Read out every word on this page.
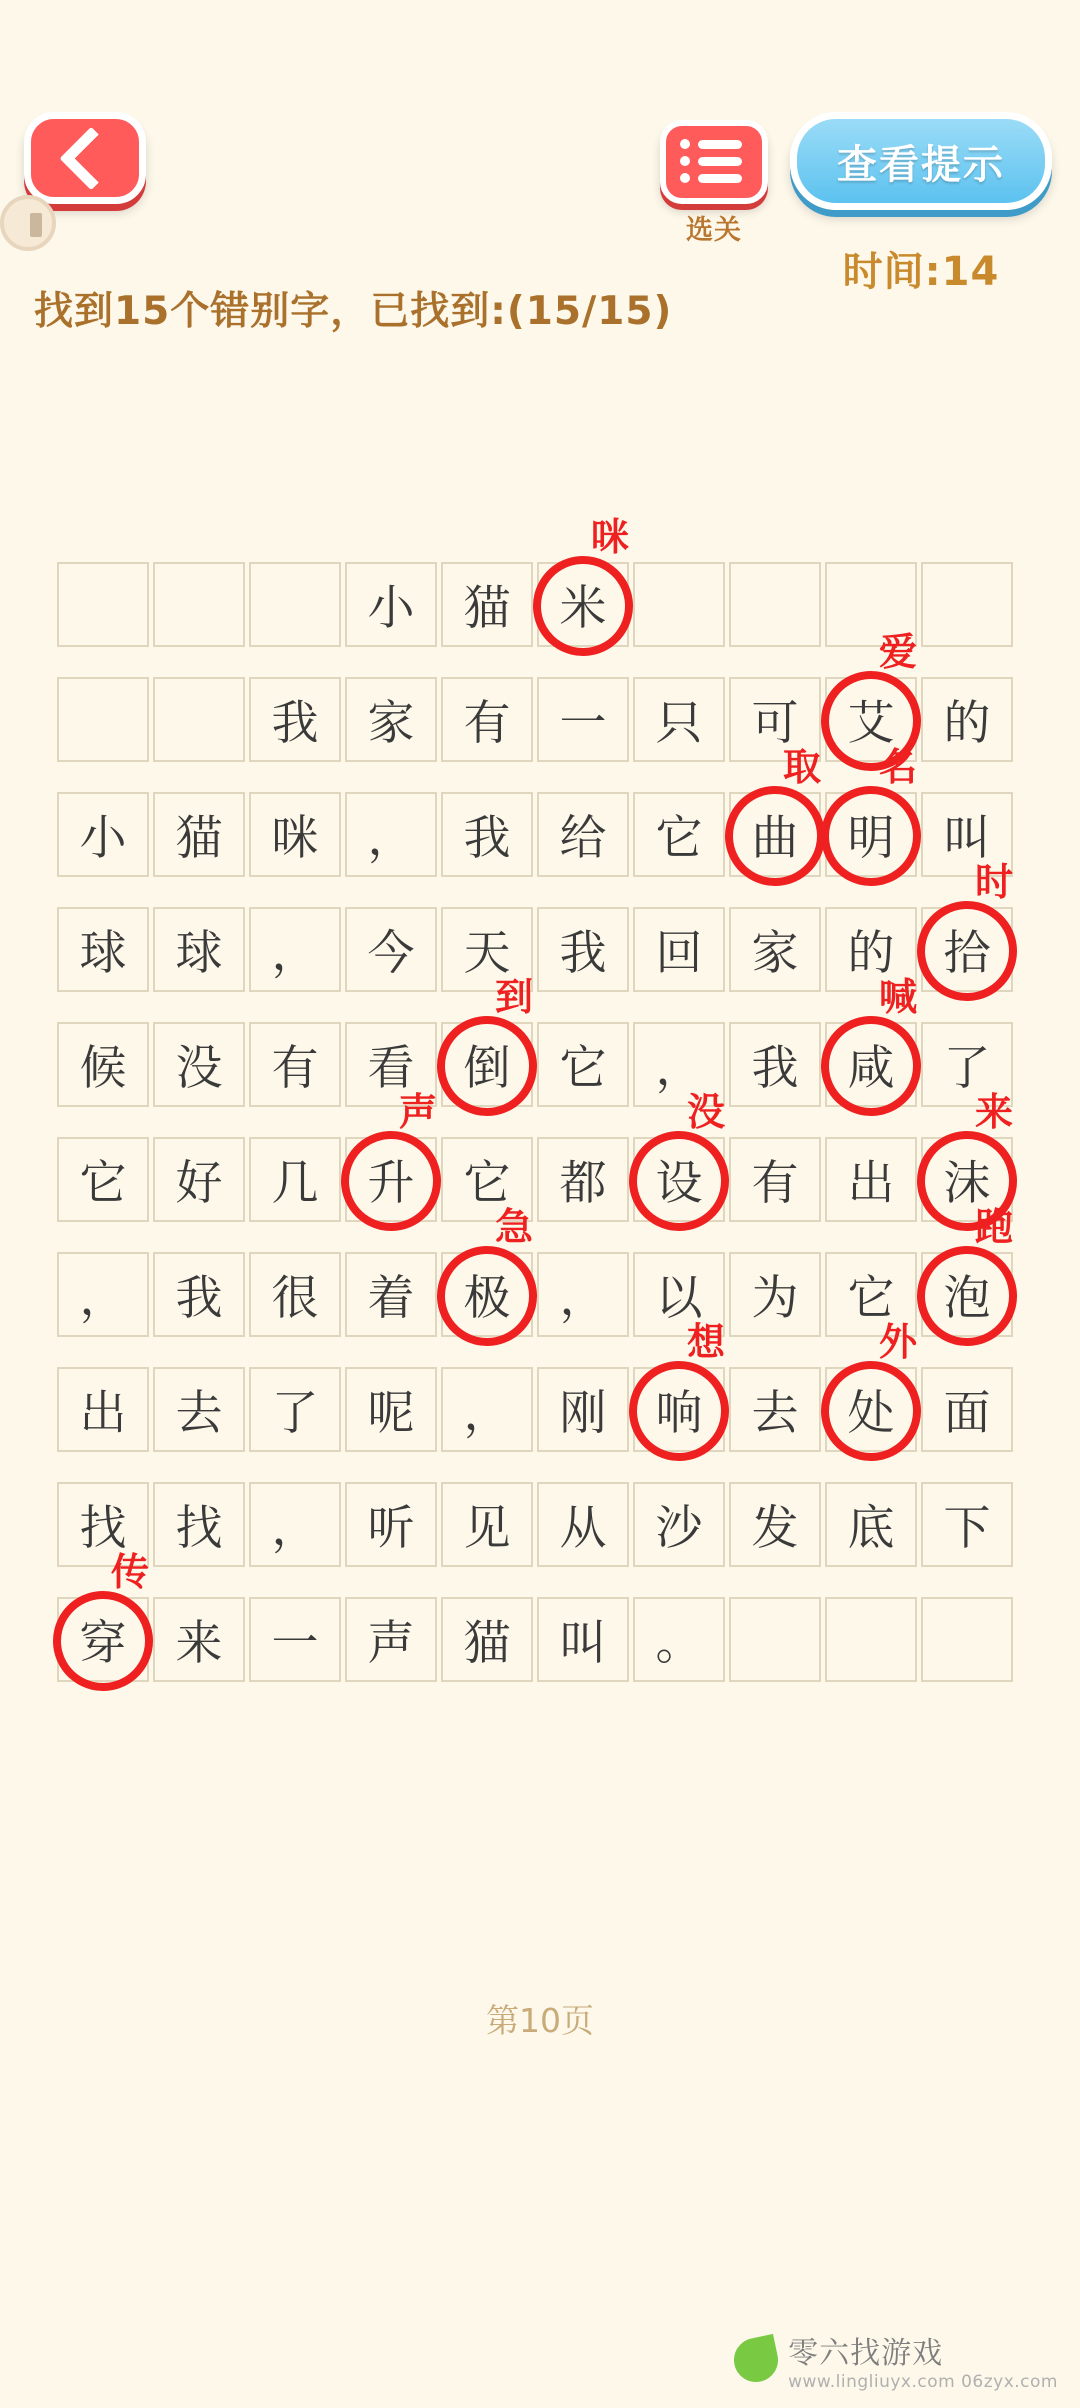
选关
查看提示
时间:14
找到15个错别字，已找到:(15/15)
小 猫 米
咪
我 家 有 一 只 可 艾
爱
的
小 猫 咪 ， 我 给 它 曲
取
明
名
叫
球 球 ， 今 天 我 回 家 的 拾
时
候 没 有 看 倒
到
它 ， 我 咸
喊
了
它 好 几 升
声
它 都 设
没
有 出 沫
来
， 我 很 着 极
急
， 以 为 它 泡
跑
出 去 了 呢 ， 刚 响
想
去 处
外
面
找 找 ， 听 见 从 沙 发 底 下
穿
传
来 一 声 猫 叫 。
第10页
零六找游戏
www.lingliuyx.com 06zyx.com
